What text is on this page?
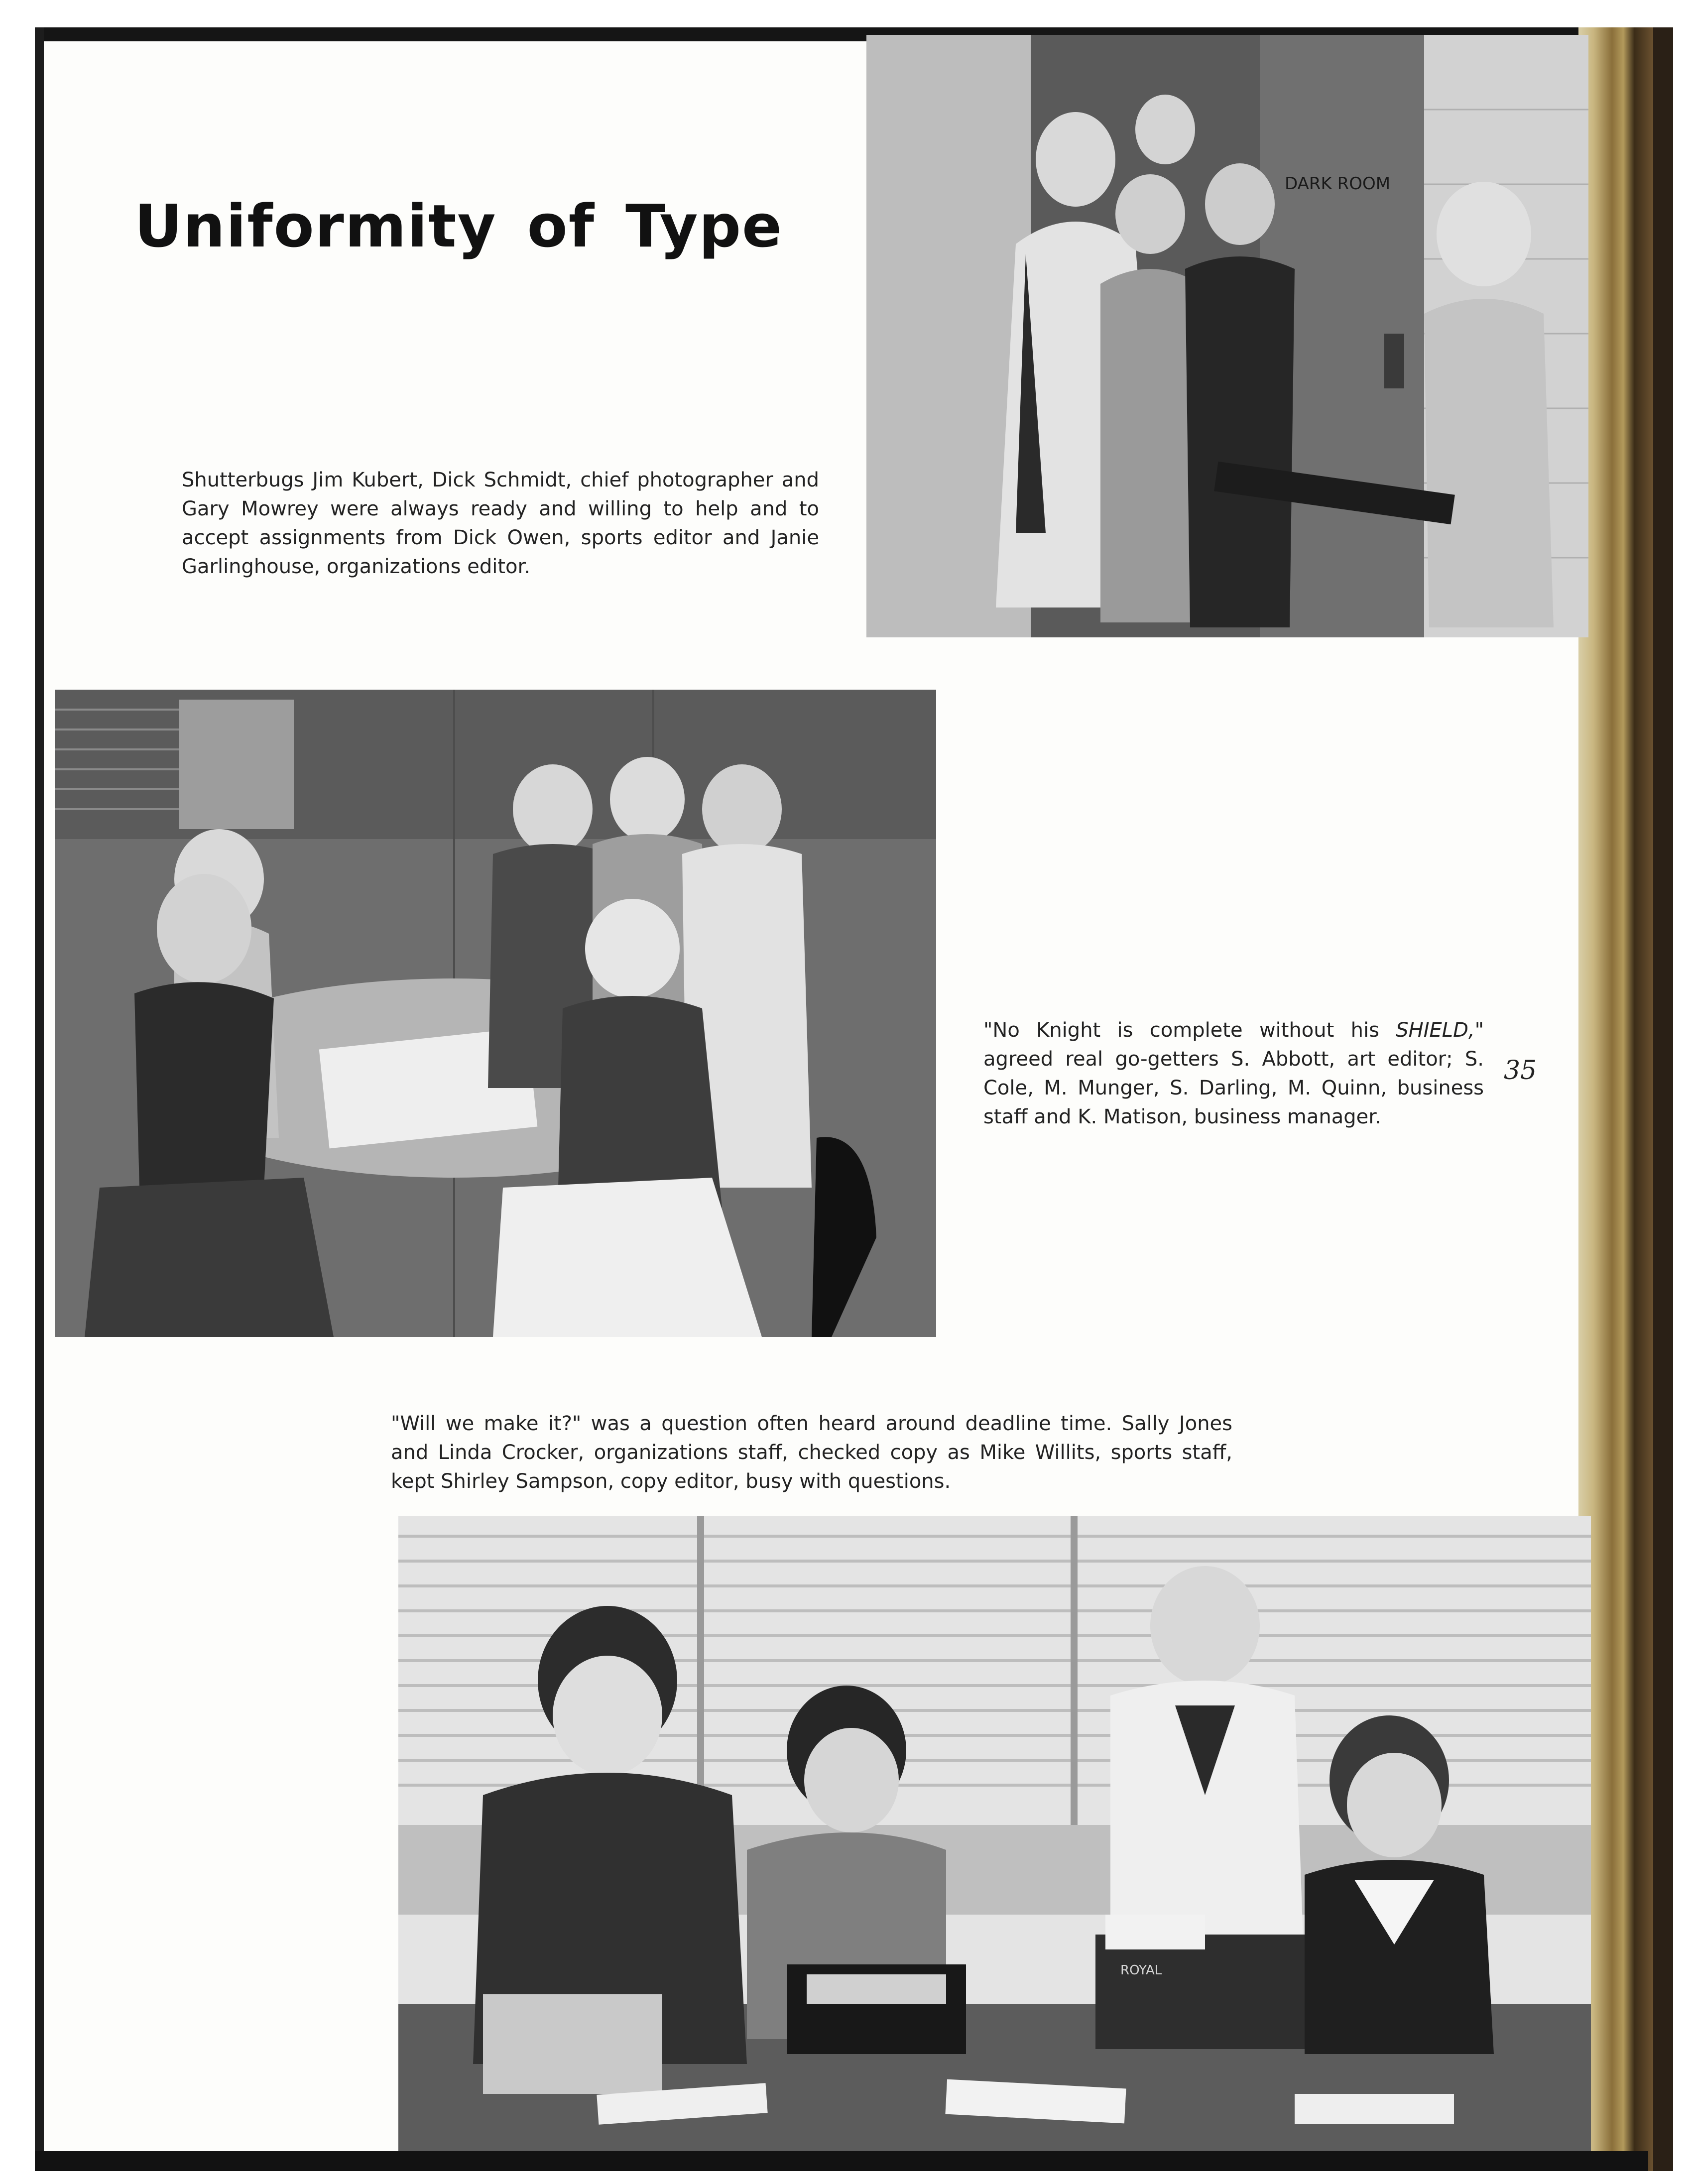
Uniformity of Type

Shutterbugs Jim Kubert, Dick Schmidt, chief photographer and Gary Mowrey were always ready and willing to help and to accept assignments from Dick Owen, sports editor and Janie Garlinghouse, organizations editor.

DARK ROOM

"No Knight is complete without his SHIELD," agreed real go-getters S. Abbott, art editor; S. Cole, M. Munger, S. Darling, M. Quinn, business staff and K. Matison, business manager.

35

"Will we make it?" was a question often heard around deadline time. Sally Jones and Linda Crocker, organizations staff, checked copy as Mike Willits, sports staff, kept Shirley Sampson, copy editor, busy with questions.

ROYAL
